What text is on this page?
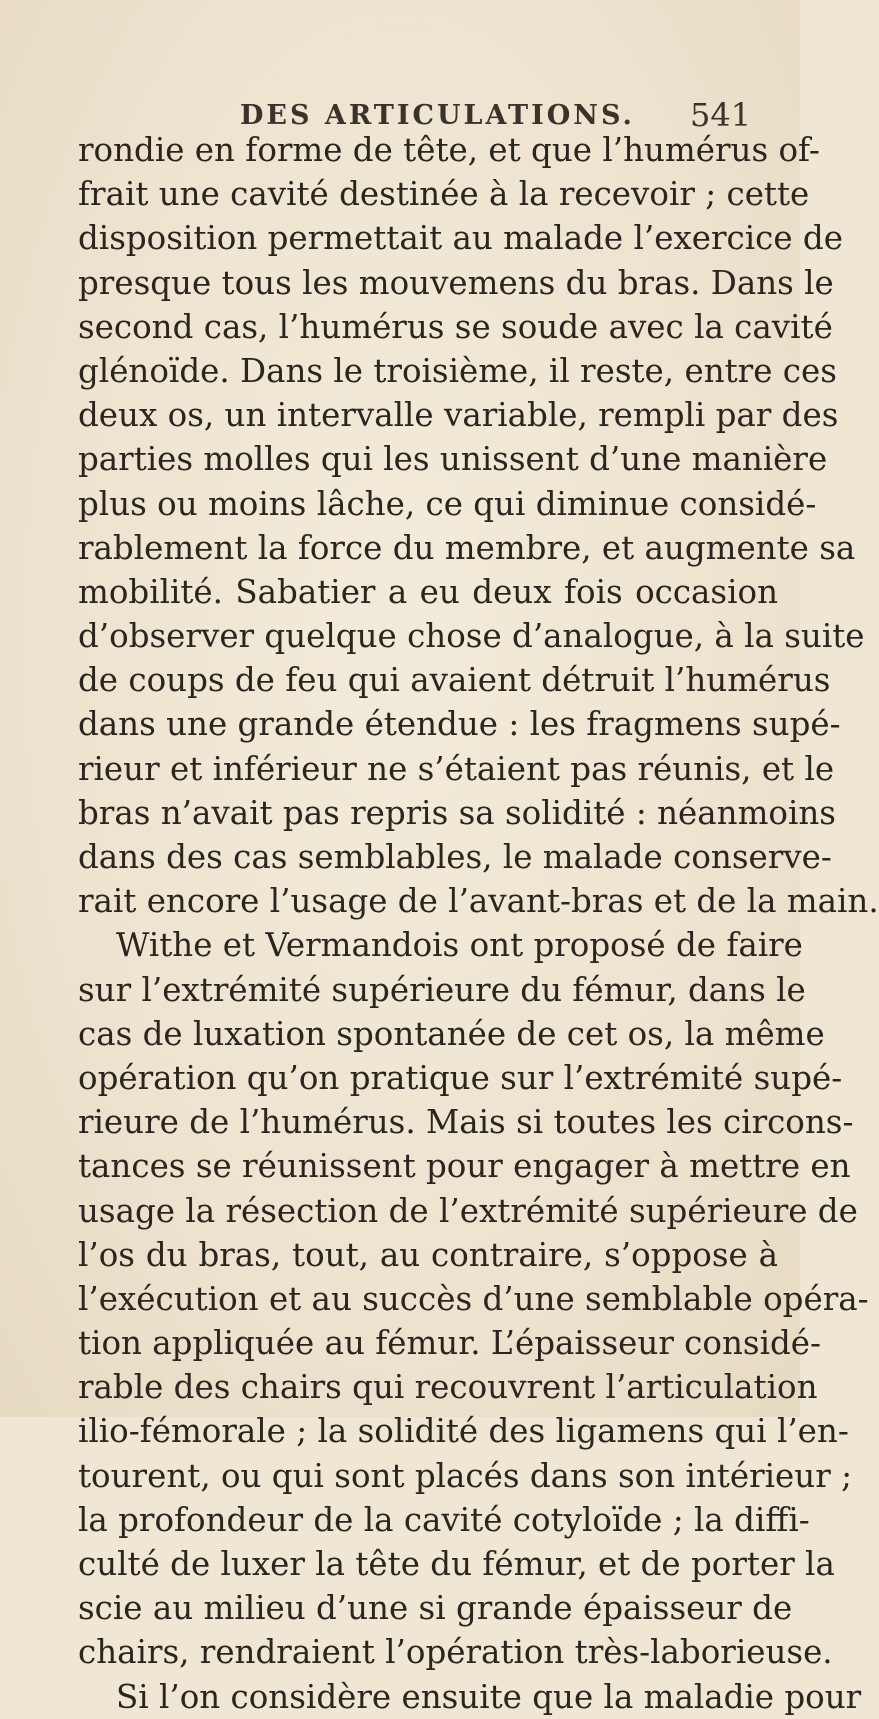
DES ARTICULATIONS. 541
rondie en forme de tête, et que l’humérus of-
frait une cavité destinée à la recevoir ; cette
disposition permettait au malade l’exercice de
presque tous les mouvemens du bras. Dans le
second cas, l’humérus se soude avec la cavité
glénoïde. Dans le troisième, il reste, entre ces
deux os, un intervalle variable, rempli par des
parties molles qui les unissent d’une manière
plus ou moins lâche, ce qui diminue considé-
rablement la force du membre, et augmente sa
mobilité. Sabatier a eu deux fois occasion
d’observer quelque chose d’analogue, à la suite
de coups de feu qui avaient détruit l’humérus
dans une grande étendue : les fragmens supé-
rieur et inférieur ne s’étaient pas réunis, et le
bras n’avait pas repris sa solidité : néanmoins
dans des cas semblables, le malade conserve-
rait encore l’usage de l’avant-bras et de la main.
Withe et Vermandois ont proposé de faire
sur l’extrémité supérieure du fémur, dans le
cas de luxation spontanée de cet os, la même
opération qu’on pratique sur l’extrémité supé-
rieure de l’humérus. Mais si toutes les circons-
tances se réunissent pour engager à mettre en
usage la résection de l’extrémité supérieure de
l’os du bras, tout, au contraire, s’oppose à
l’exécution et au succès d’une semblable opéra-
tion appliquée au fémur. L’épaisseur considé-
rable des chairs qui recouvrent l’articulation
ilio-fémorale ; la solidité des ligamens qui l’en-
tourent, ou qui sont placés dans son intérieur ;
la profondeur de la cavité cotyloïde ; la diffi-
culté de luxer la tête du fémur, et de porter la
scie au milieu d’une si grande épaisseur de
chairs, rendraient l’opération très-laborieuse.
Si l’on considère ensuite que la maladie pour
